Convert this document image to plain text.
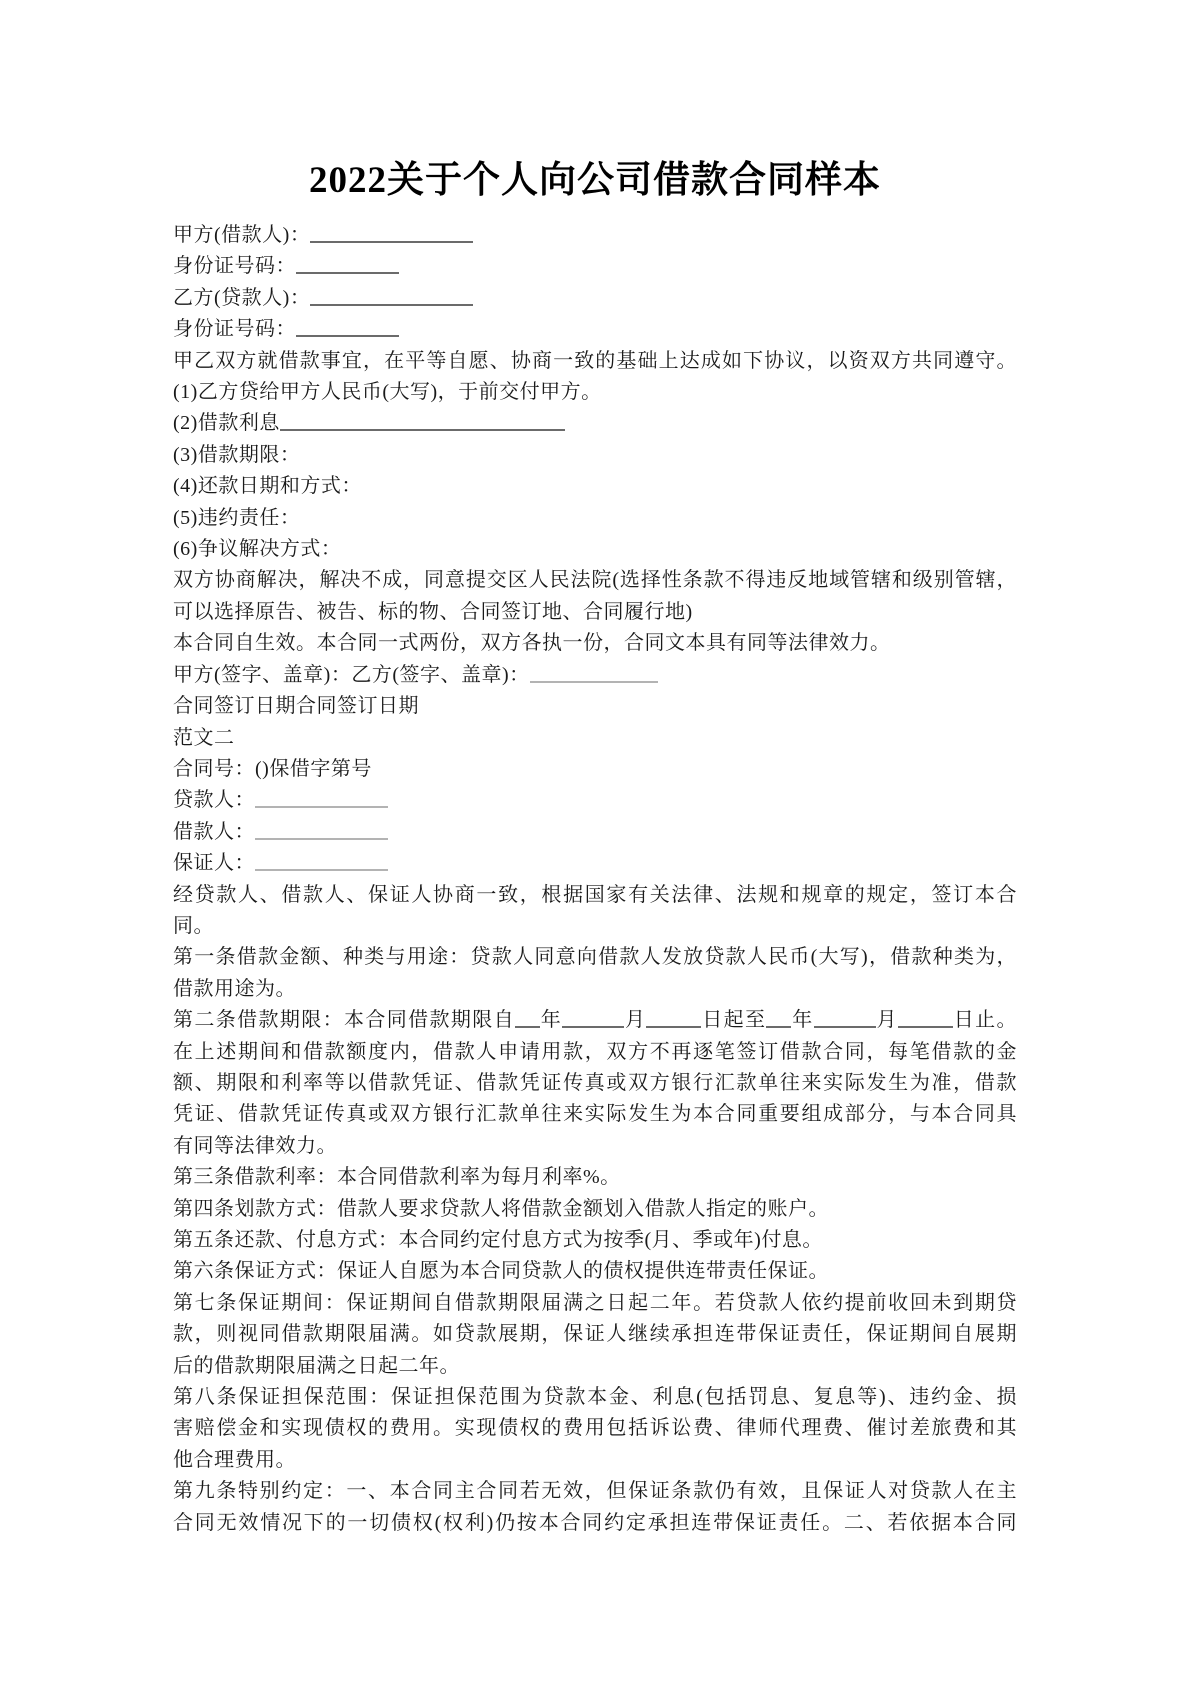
2022关于个人向公司借款合同样本

甲方(借款人)：

身份证号码：

乙方(贷款人)：

身份证号码：

甲乙双方就借款事宜，在平等自愿、协商一致的基础上达成如下协议，以资双方共同遵守。

(1)乙方贷给甲方人民币(大写)，于前交付甲方。

(2)借款利息

(3)借款期限：

(4)还款日期和方式：

(5)违约责任：

(6)争议解决方式：

双方协商解决，解决不成，同意提交区人民法院(选择性条款不得违反地域管辖和级别管辖，

可以选择原告、被告、标的物、合同签订地、合同履行地)

本合同自生效。本合同一式两份，双方各执一份，合同文本具有同等法律效力。

甲方(签字、盖章)：乙方(签字、盖章)：

合同签订日期合同签订日期

范文二

合同号：()保借字第号

贷款人：

借款人：

保证人：

经贷款人、借款人、保证人协商一致，根据国家有关法律、法规和规章的规定，签订本合

同。

第一条借款金额、种类与用途：贷款人同意向借款人发放贷款人民币(大写)，借款种类为，

借款用途为。

第二条借款期限：本合同借款期限自 年	月	日起至 年	月	日止。

在上述期间和借款额度内，借款人申请用款，双方不再逐笔签订借款合同，每笔借款的金

额、期限和利率等以借款凭证、借款凭证传真或双方银行汇款单往来实际发生为准，借款

凭证、借款凭证传真或双方银行汇款单往来实际发生为本合同重要组成部分，与本合同具

有同等法律效力。

第三条借款利率：本合同借款利率为每月利率%。

第四条划款方式：借款人要求贷款人将借款金额划入借款人指定的账户。

第五条还款、付息方式：本合同约定付息方式为按季(月、季或年)付息。

第六条保证方式：保证人自愿为本合同贷款人的债权提供连带责任保证。

第七条保证期间：保证期间自借款期限届满之日起二年。若贷款人依约提前收回未到期贷

款，则视同借款期限届满。如贷款展期，保证人继续承担连带保证责任，保证期间自展期

后的借款期限届满之日起二年。

第八条保证担保范围：保证担保范围为贷款本金、利息(包括罚息、复息等)、违约金、损

害赔偿金和实现债权的费用。实现债权的费用包括诉讼费、律师代理费、催讨差旅费和其

他合理费用。

第九条特别约定：一、本合同主合同若无效，但保证条款仍有效，且保证人对贷款人在主

合同无效情况下的一切债权(权利)仍按本合同约定承担连带保证责任。二、若依据本合同
